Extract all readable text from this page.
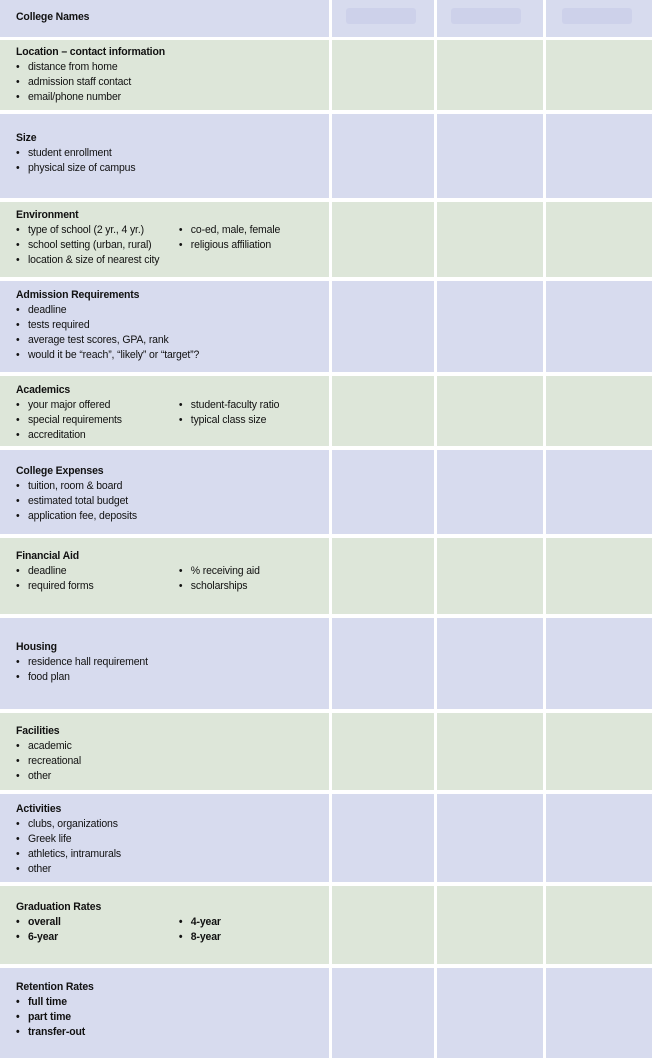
College Names
Location – contact information
• distance from home
• admission staff contact
• email/phone number
Size
• student enrollment
• physical size of campus
Environment
• type of school (2 yr., 4 yr.)
• school setting (urban, rural)
• location & size of nearest city
• co-ed, male, female
• religious affiliation
Admission Requirements
• deadline
• tests required
• average test scores, GPA, rank
• would it be “reach”, “likely” or “target”?
Academics
• your major offered
• special requirements
• accreditation
• student-faculty ratio
• typical class size
College Expenses
• tuition, room & board
• estimated total budget
• application fee, deposits
Financial Aid
• deadline
• required forms
• % receiving aid
• scholarships
Housing
• residence hall requirement
• food plan
Facilities
• academic
• recreational
• other
Activities
• clubs, organizations
• Greek life
• athletics, intramurals
• other
Graduation Rates
• overall
• 6-year
• 4-year
• 8-year
Retention Rates
• full time
• part time
• transfer-out
